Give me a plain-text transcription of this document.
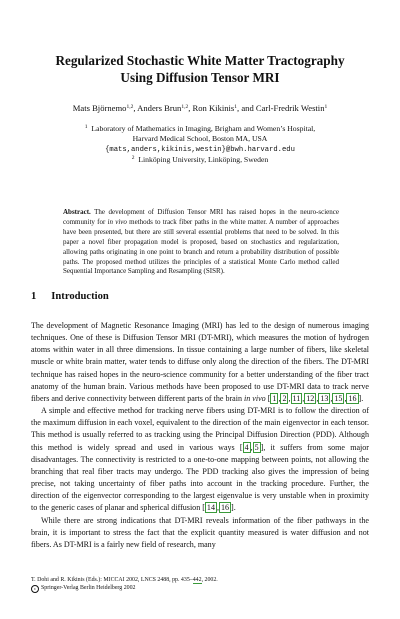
Regularized Stochastic White Matter Tractography
Using Diffusion Tensor MRI
Mats Björnemo$^{1,2}$, Anders Brun$^{1,2}$, Ron Kikinis$^1$, and Carl-Fredrik Westin$^1$
$^1$ Laboratory of Mathematics in Imaging, Brigham and Women’s Hospital,
Harvard Medical School, Boston MA, USA
{mats,anders,kikinis,westin}@bwh.harvard.edu
$^2$ Linköping University, Linköping, Sweden
Abstract. The development of Diffusion Tensor MRI has raised hopes in the neuro-science community for in vivo methods to track fiber paths in the white matter. A number of approaches have been presented, but there are still several essential problems that need to be solved. In this paper a novel fiber propagation model is proposed, based on stochastics and regularization, allowing paths originating in one point to branch and return a probability distribution of possible paths. The proposed method utilizes the principles of a statistical Monte Carlo method called Sequential Importance Sampling and Resampling (SISR).
1 Introduction

The development of Magnetic Resonance Imaging (MRI) has led to the design of numerous imaging techniques. One of these is Diffusion Tensor MRI (DT-MRI), which measures the motion of hydrogen atoms within water in all three dimensions. In tissue containing a large number of fibers, like skeletal muscle or white brain matter, water tends to diffuse only along the direction of the fibers. The DT-MRI technique has raised hopes in the neuro-science community for a better understanding of the fiber tract anatomy of the human brain. Various methods have been proposed to use DT-MRI data to track nerve fibers and derive connectivity between different parts of the brain in vivo [ 1 , 2 , 11 , 12 , 13 , 15 , 16 ].

A simple and effective method for tracking nerve fibers using DT-MRI is to follow the direction of the maximum diffusion in each voxel, equivalent to the direction of the main eigenvector in each tensor. This method is usually referred to as tracking using the Principal Diffusion Direction (PDD). Although this method is widely spread and used in various ways [ 4 , 5 ], it suffers from some major disadvantages. The connectivity is restricted to a one-to-one mapping between points, not allowing the branching that real fiber tracts may undergo. The PDD tracking also gives the impression of being precise, not taking uncertainty of fiber paths into account in the tracking procedure. Further, the direction of the eigenvector corresponding to the largest eigenvalue is very unstable when in proximity to the generic cases of planar and spherical diffusion [ 14 , 16 ].

While there are strong indications that DT-MRI reveals information of the fiber pathways in the brain, it is important to stress the fact that the explicit quantity measured is water diffusion and not fibers. As DT-MRI is a fairly new field of research, many

T. Dohi and R. Kikinis (Eds.): MICCAI 2002, LNCS 2488, pp. 435–442, 2002.
c Springer-Verlag Berlin Heidelberg 2002
